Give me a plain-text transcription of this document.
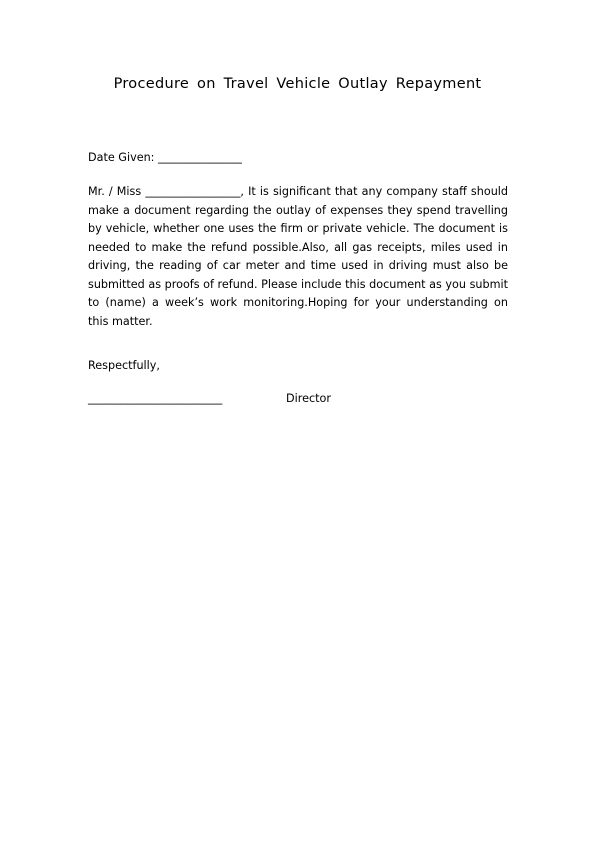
Procedure on Travel Vehicle Outlay Repayment
Date Given: _______________
Mr. / Miss _________________, It is significant that any company staff should make a document regarding the outlay of expenses they spend travelling by vehicle, whether one uses the firm or private vehicle. The document is needed to make the refund possible.Also, all gas receipts, miles used in driving, the reading of car meter and time used in driving must also be submitted as proofs of refund. Please include this document as you submit to (name) a week’s work monitoring.Hoping for your understanding on this matter.
Respectfully,
________________________	Director
